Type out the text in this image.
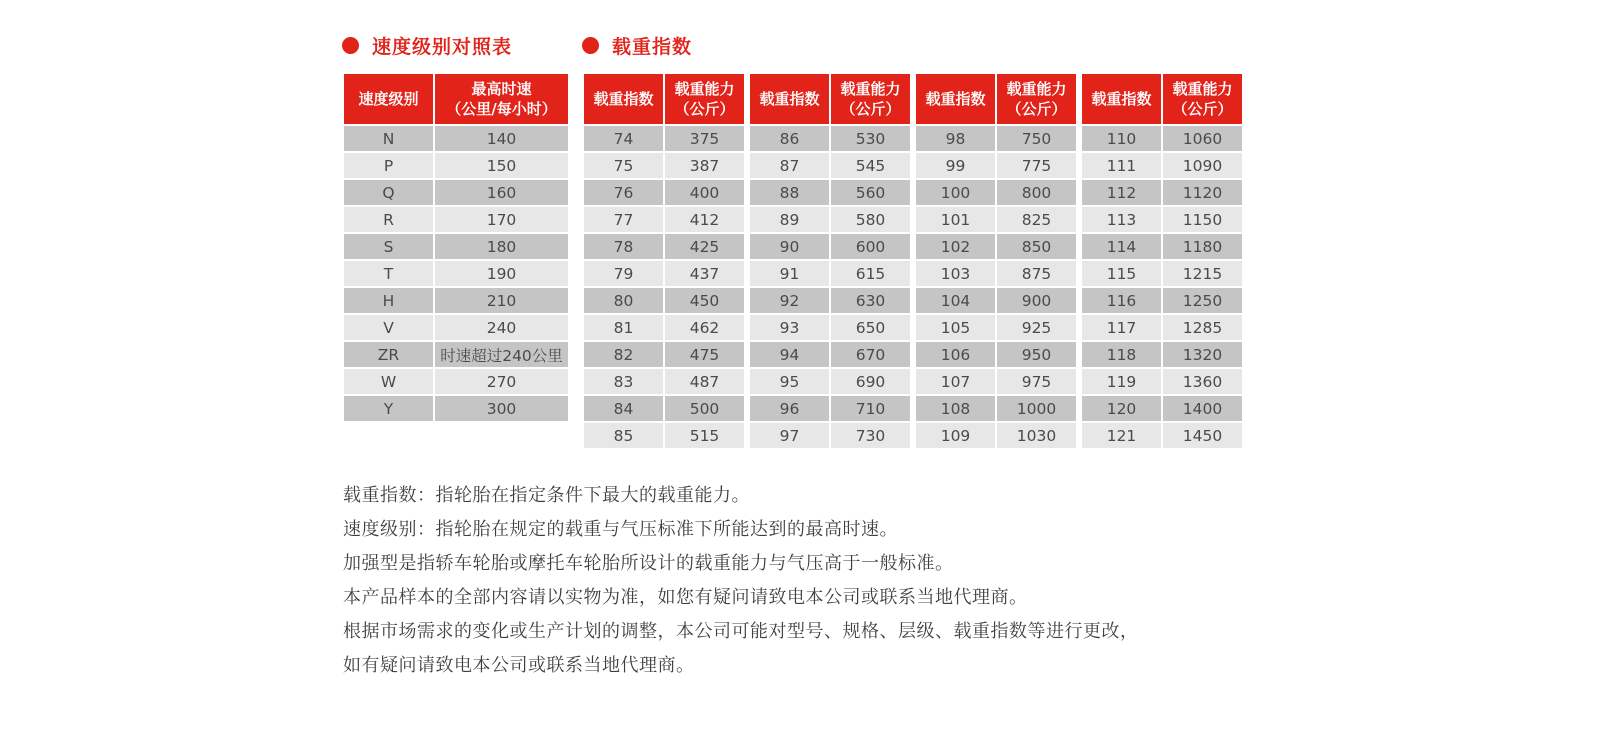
速度级别对照表
速度级别	最高时速
（公里/每小时）

N	140
P	150
Q	160
R	170
S	180
T	190
H	210
V	240
ZR	时速超过240公里
W	270
Y	300
载重指数
载重指数	载重能力
（公斤）

74	375
75	387
76	400
77	412
78	425
79	437
80	450
81	462
82	475
83	487
84	500
85	515
载重指数	载重能力
（公斤）

86	530
87	545
88	560
89	580
90	600
91	615
92	630
93	650
94	670
95	690
96	710
97	730
载重指数	载重能力
（公斤）

98	750
99	775
100	800
101	825
102	850
103	875
104	900
105	925
106	950
107	975
108	1000
109	1030
载重指数	载重能力
（公斤）

110	1060
111	1090
112	1120
113	1150
114	1180
115	1215
116	1250
117	1285
118	1320
119	1360
120	1400
121	1450

载重指数：指轮胎在指定条件下最大的载重能力。

速度级别：指轮胎在规定的载重与气压标准下所能达到的最高时速。

加强型是指轿车轮胎或摩托车轮胎所设计的载重能力与气压高于一般标准。

本产品样本的全部内容请以实物为准，如您有疑问请致电本公司或联系当地代理商。

根据市场需求的变化或生产计划的调整，本公司可能对型号、规格、层级、载重指数等进行更改，

如有疑问请致电本公司或联系当地代理商。
